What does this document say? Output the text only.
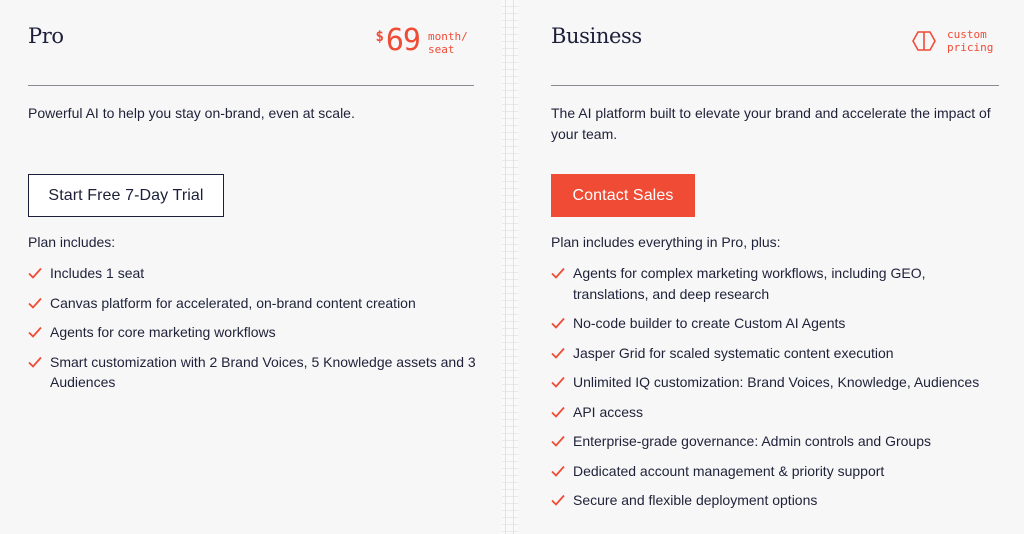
Pro	$ 69 month/ seat

Powerful AI to help you stay on-brand, even at scale.

Start Free 7-Day Trial

Plan includes:

Includes 1 seat
Canvas platform for accelerated, on-brand content creation
Agents for core marketing workflows
Smart customization with 2 Brand Voices, 5 Knowledge assets and 3 Audiences
Business	custom pricing

The AI platform built to elevate your brand and accelerate the impact of your team.

Contact Sales

Plan includes everything in Pro, plus:

Agents for complex marketing workflows, including GEO, translations, and deep research
No-code builder to create Custom AI Agents
Jasper Grid for scaled systematic content execution
Unlimited IQ customization: Brand Voices, Knowledge, Audiences
API access
Enterprise-grade governance: Admin controls and Groups
Dedicated account management & priority support
Secure and flexible deployment options
